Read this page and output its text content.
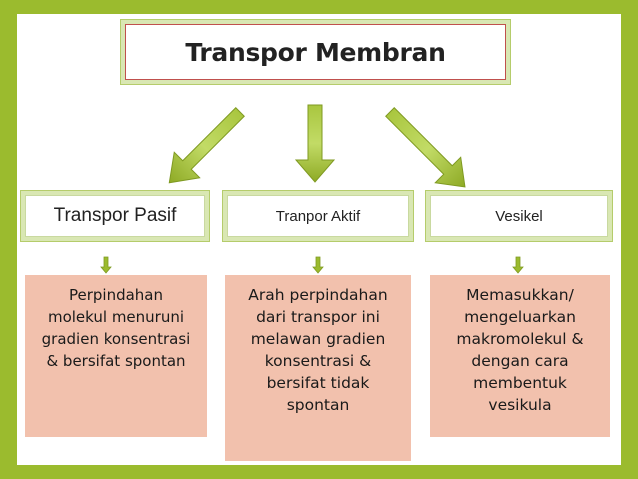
Transpor Membran
Transpor Pasif	Tranpor Aktif	Vesikel
Perpindahan
molekul menuruni
gradien konsentrasi
& bersifat spontan
Arah perpindahan
dari transpor ini
melawan gradien
konsentrasi &
bersifat tidak
spontan
Memasukkan/
mengeluarkan
makromolekul &
dengan cara
membentuk
vesikula
